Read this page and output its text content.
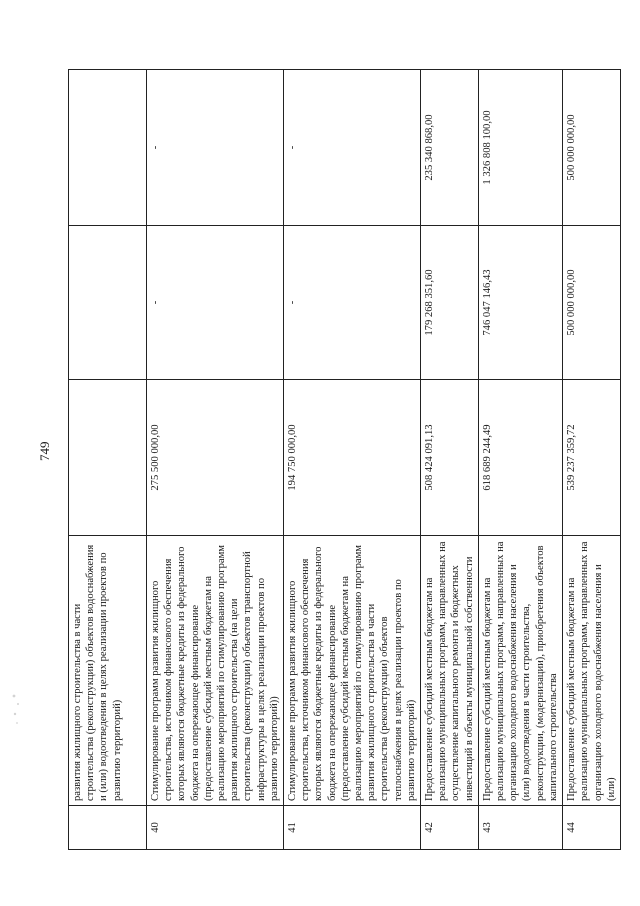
749
	развития жилищного строительства в части строительства (реконструкции) объектов водоснабжения и (или) водоотведения в целях реализации проектов по развитию территорий)			
40	Стимулирование программ развития жилищного строительства, источником финансового обеспечения которых являются бюджетные кредиты из федерального бюджета на опережающее финансирование (предоставление субсидий местным бюджетам на реализацию мероприятий по стимулированию программ развития жилищного строительства (на цели строительства (реконструкции) объектов транспортной инфраструктуры в целях реализации проектов по развитию территорий))	275 500 000,00	-	-
41	Стимулирование программ развития жилищного строительства, источником финансового обеспечения которых являются бюджетные кредиты из федерального бюджета на опережающее финансирование (предоставление субсидий местным бюджетам на реализацию мероприятий по стимулированию программ развития жилищного строительства в части строительства (реконструкции) объектов теплоснабжения в целях реализации проектов по развитию территорий)	194 750 000,00	-	-
42	Предоставление субсидий местным бюджетам на реализацию муниципальных программ, направленных на осуществление капитального ремонта и бюджетных инвестиций в объекты муниципальной собственности	508 424 091,13	179 268 351,60	235 340 868,00
43	Предоставление субсидий местным бюджетам на реализацию муниципальных программ, направленных на организацию холодного водоснабжения населения и (или) водоотведения в части строительства, реконструкции, (модернизации), приобретения объектов капитального строительства	618 689 244,49	746 047 146,43	1 326 808 100,00
44	Предоставление субсидий местным бюджетам на реализацию муниципальных программ, направленных на организацию холодного водоснабжения населения и (или)	539 237 359,72	500 000 000,00	500 000 000,00
